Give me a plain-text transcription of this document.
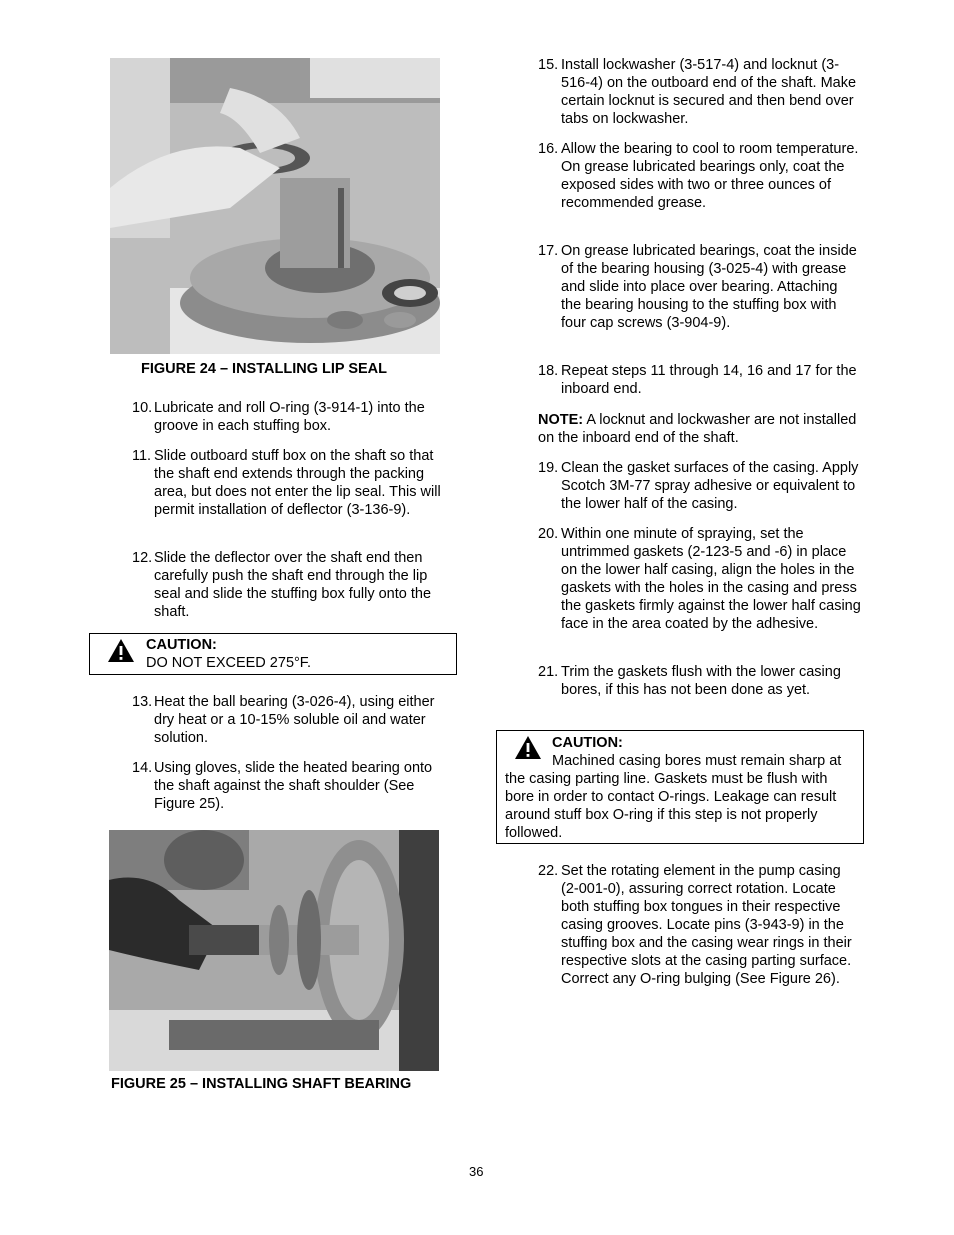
FIGURE 24 – INSTALLING LIP SEAL
10. Lubricate and roll O-ring (3-914-1) into the groove in each stuffing box.
11. Slide outboard stuff box on the shaft so that the shaft end extends through the packing area, but does not enter the lip seal. This will permit installation of deflector (3-136-9).
12. Slide the deflector over the shaft end then carefully push the shaft end through the lip seal and slide the stuffing box fully onto the shaft.
CAUTION:
DO NOT EXCEED 275°F.
13. Heat the ball bearing (3-026-4), using either dry heat or a 10-15% soluble oil and water solution.
14. Using gloves, slide the heated bearing onto the shaft against the shaft shoulder (See Figure 25).
FIGURE 25 – INSTALLING SHAFT BEARING
15. Install lockwasher (3-517-4) and locknut (3-516-4) on the outboard end of the shaft. Make certain locknut is secured and then bend over tabs on lockwasher.
16. Allow the bearing to cool to room temperature. On grease lubricated bearings only, coat the exposed sides with two or three ounces of recommended grease.
17. On grease lubricated bearings, coat the inside of the bearing housing (3-025-4) with grease and slide into place over bearing. Attaching the bearing housing to the stuffing box with four cap screws (3-904-9).
18. Repeat steps 11 through 14, 16 and 17 for the inboard end.
NOTE: A locknut and lockwasher are not installed on the inboard end of the shaft.
19. Clean the gasket surfaces of the casing. Apply Scotch 3M-77 spray adhesive or equivalent to the lower half of the casing.
20. Within one minute of spraying, set the untrimmed gaskets (2-123-5 and -6) in place on the lower half casing, align the holes in the gaskets with the holes in the casing and press the gaskets firmly against the lower half casing face in the area coated by the adhesive.
21. Trim the gaskets flush with the lower casing bores, if this has not been done as yet.
CAUTION:
Machined casing bores must remain sharp at the casing parting line. Gaskets must be flush with bore in order to contact O-rings. Leakage can result around stuff box O-ring if this step is not properly followed.
22. Set the rotating element in the pump casing (2-001-0), assuring correct rotation. Locate both stuffing box tongues in their respective casing grooves. Locate pins (3-943-9) in the stuffing box and the casing wear rings in their respective slots at the casing parting surface. Correct any O-ring bulging (See Figure 26).
36
